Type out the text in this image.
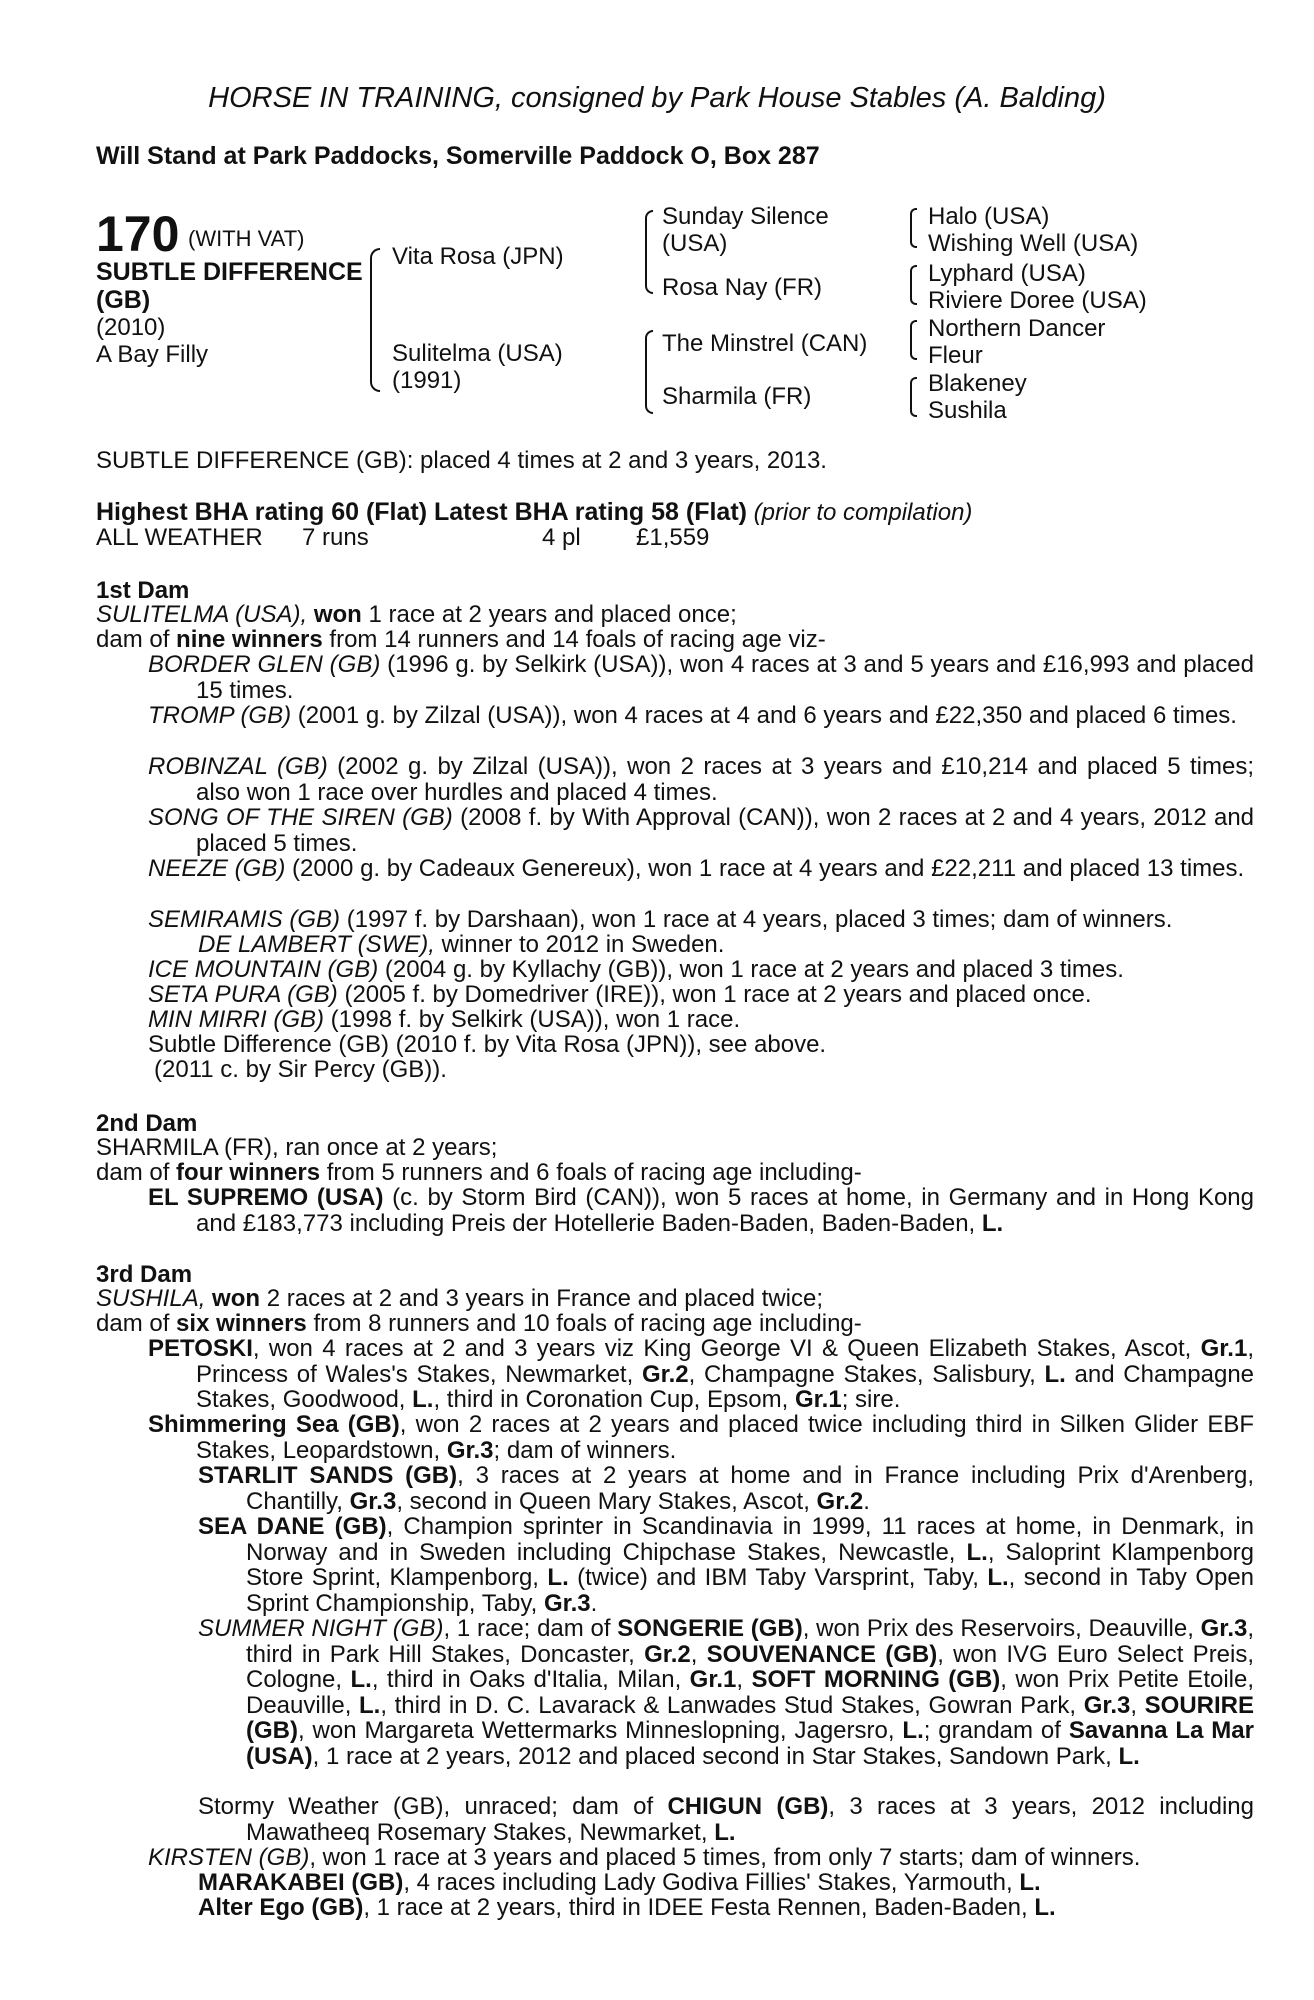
HORSE IN TRAINING, consigned by Park House Stables (A. Balding)
Will Stand at Park Paddocks, Somerville Paddock O, Box 287
170 (WITH VAT)
SUBTLE DIFFERENCE (GB)
(2010)
A Bay Filly
Vita Rosa (JPN)
Sulitelma (USA)
(1991)
Sunday Silence
(USA)
Rosa Nay (FR)
The Minstrel (CAN)
Sharmila (FR)
Halo (USA)
Wishing Well (USA)
Lyphard (USA)
Riviere Doree (USA)
Northern Dancer
Fleur
Blakeney
Sushila
SUBTLE DIFFERENCE (GB): placed 4 times at 2 and 3 years, 2013.
Highest BHA rating 60 (Flat) Latest BHA rating 58 (Flat) (prior to compilation)
ALL WEATHER 7 runs	4 pl £1,559
1st Dam
SULITELMA (USA), won 1 race at 2 years and placed once;
dam of nine winners from 14 runners and 14 foals of racing age viz-
BORDER GLEN (GB) (1996 g. by Selkirk (USA)), won 4 races at 3 and 5 years and £16,993 and placed 15 times.
TROMP (GB) (2001 g. by Zilzal (USA)), won 4 races at 4 and 6 years and £22,350 and placed 6 times.
ROBINZAL (GB) (2002 g. by Zilzal (USA)), won 2 races at 3 years and £10,214 and placed 5 times; also won 1 race over hurdles and placed 4 times.
SONG OF THE SIREN (GB) (2008 f. by With Approval (CAN)), won 2 races at 2 and 4 years, 2012 and placed 5 times.
NEEZE (GB) (2000 g. by Cadeaux Genereux), won 1 race at 4 years and £22,211 and placed 13 times.
SEMIRAMIS (GB) (1997 f. by Darshaan), won 1 race at 4 years, placed 3 times; dam of winners.
DE LAMBERT (SWE), winner to 2012 in Sweden.
ICE MOUNTAIN (GB) (2004 g. by Kyllachy (GB)), won 1 race at 2 years and placed 3 times.
SETA PURA (GB) (2005 f. by Domedriver (IRE)), won 1 race at 2 years and placed once.
MIN MIRRI (GB) (1998 f. by Selkirk (USA)), won 1 race.
Subtle Difference (GB) (2010 f. by Vita Rosa (JPN)), see above.
(2011 c. by Sir Percy (GB)).
2nd Dam
SHARMILA (FR), ran once at 2 years;
dam of four winners from 5 runners and 6 foals of racing age including-
EL SUPREMO (USA) (c. by Storm Bird (CAN)), won 5 races at home, in Germany and in Hong Kong and £183,773 including Preis der Hotellerie Baden-Baden, Baden-Baden, L.
3rd Dam
SUSHILA, won 2 races at 2 and 3 years in France and placed twice;
dam of six winners from 8 runners and 10 foals of racing age including-
PETOSKI, won 4 races at 2 and 3 years viz King George VI & Queen Elizabeth Stakes, Ascot, Gr.1, Princess of Wales's Stakes, Newmarket, Gr.2, Champagne Stakes, Salisbury, L. and Champagne Stakes, Goodwood, L., third in Coronation Cup, Epsom, Gr.1; sire.
Shimmering Sea (GB), won 2 races at 2 years and placed twice including third in Silken Glider EBF Stakes, Leopardstown, Gr.3; dam of winners.
STARLIT SANDS (GB), 3 races at 2 years at home and in France including Prix d'Arenberg, Chantilly, Gr.3, second in Queen Mary Stakes, Ascot, Gr.2.
SEA DANE (GB), Champion sprinter in Scandinavia in 1999, 11 races at home, in Denmark, in Norway and in Sweden including Chipchase Stakes, Newcastle, L., Saloprint Klampenborg Store Sprint, Klampenborg, L. (twice) and IBM Taby Varsprint, Taby, L., second in Taby Open Sprint Championship, Taby, Gr.3.
SUMMER NIGHT (GB), 1 race; dam of SONGERIE (GB), won Prix des Reservoirs, Deauville, Gr.3, third in Park Hill Stakes, Doncaster, Gr.2, SOUVENANCE (GB), won IVG Euro Select Preis, Cologne, L., third in Oaks d'Italia, Milan, Gr.1, SOFT MORNING (GB), won Prix Petite Etoile, Deauville, L., third in D. C. Lavarack & Lanwades Stud Stakes, Gowran Park, Gr.3, SOURIRE (GB), won Margareta Wettermarks Minneslopning, Jagersro, L.; grandam of Savanna La Mar (USA), 1 race at 2 years, 2012 and placed second in Star Stakes, Sandown Park, L.
Stormy Weather (GB), unraced; dam of CHIGUN (GB), 3 races at 3 years, 2012 including Mawatheeq Rosemary Stakes, Newmarket, L.
KIRSTEN (GB), won 1 race at 3 years and placed 5 times, from only 7 starts; dam of winners.
MARAKABEI (GB), 4 races including Lady Godiva Fillies' Stakes, Yarmouth, L.
Alter Ego (GB), 1 race at 2 years, third in IDEE Festa Rennen, Baden-Baden, L.
